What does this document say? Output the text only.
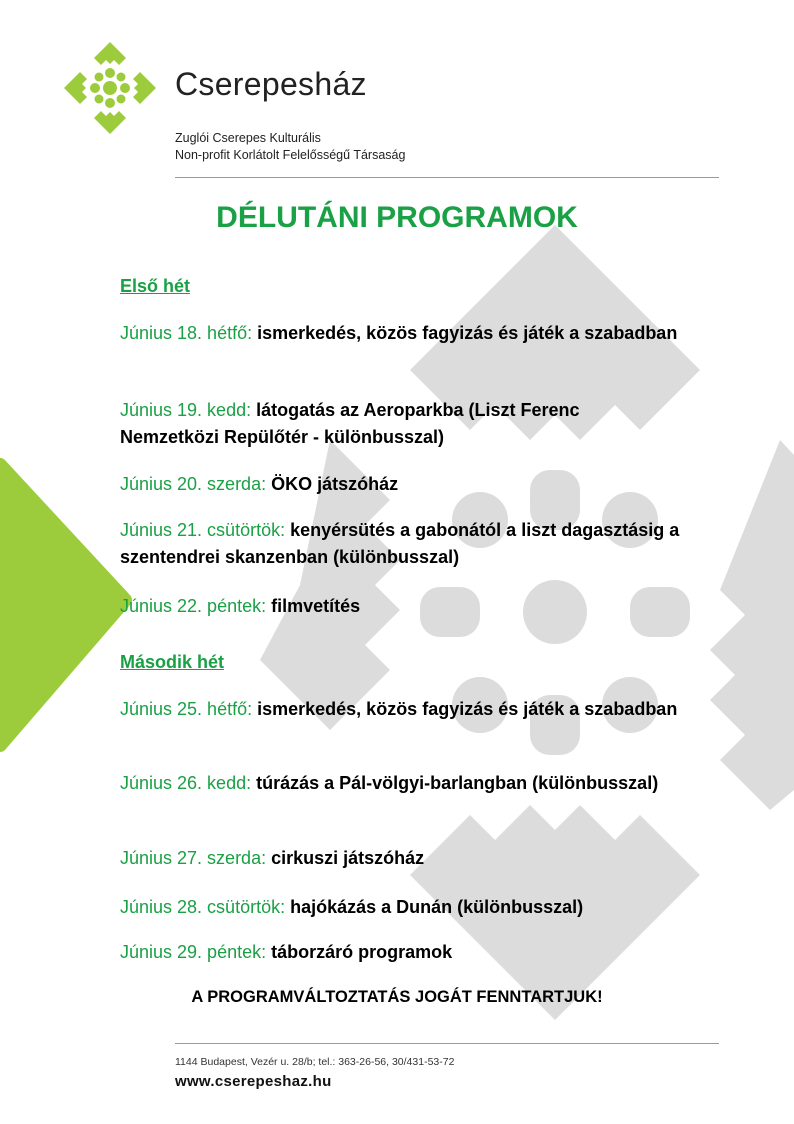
Cserepesház
Zuglói Cserepes Kulturális
Non-profit Korlátolt Felelősségű Társaság
DÉLUTÁNI PROGRAMOK
Első hét
Június 18. hétfő: ismerkedés, közös fagyizás és játék a szabadban
Június 19. kedd: látogatás az Aeroparkba (Liszt Ferenc Nemzetközi Repülőtér - különbusszal)
Június 20. szerda: ÖKO játszóház
Június 21. csütörtök: kenyérsütés a gabonától a liszt dagasztásig a szentendrei skanzenban (különbusszal)
Június 22. péntek: filmvetítés
Második hét
Június 25. hétfő: ismerkedés, közös fagyizás és játék a szabadban
Június 26. kedd: túrázás a Pál-völgyi-barlangban (különbusszal)
Június 27. szerda: cirkuszi játszóház
Június 28. csütörtök: hajókázás a Dunán (különbusszal)
Június 29. péntek: táborzáró programok
A PROGRAMVÁLTOZTATÁS JOGÁT FENNTARTJUK!
1144 Budapest, Vezér u. 28/b; tel.: 363-26-56, 30/431-53-72
www.cserepeshaz.hu
